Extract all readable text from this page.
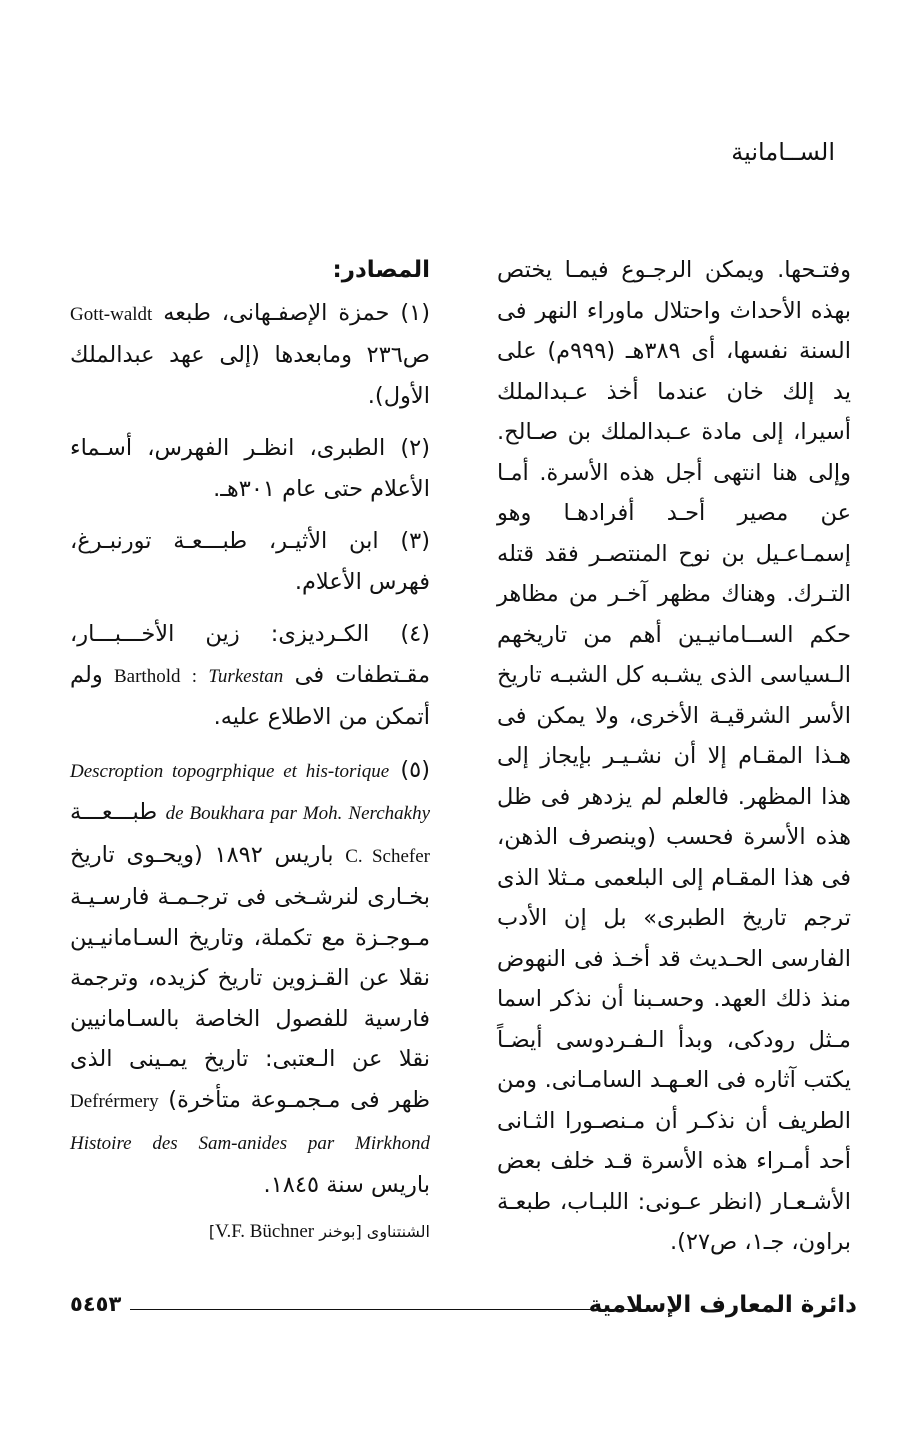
الســامانية

وفتـحها. ويمكن الرجـوع فيمـا يختص بهذه الأحداث واحتلال ماوراء النهر فى السنة نفسها، أى ٣٨٩هـ (٩٩٩م) على يد إلك خان عندما أخذ عـبدالملك أسيرا، إلى مادة عـبدالملك بن صـالح. وإلى هنا انتهى أجل هذه الأسرة. أمـا عن مصير أحـد أفرادهـا وهو إسمـاعـيل بن نوح المنتصـر فقد قتله التـرك. وهناك مظهر آخـر من مظاهر حكم الســامانيـين أهم من تاريخهم الـسياسى الذى يشـبه كل الشبـه تاريخ الأسر الشرقيـة الأخرى، ولا يمكن فى هـذا المقـام إلا أن نشـيـر بإيجاز إلى هذا المظهر. فالعلم لم يزدهر فى ظل هذه الأسرة فحسب (وينصرف الذهن، فى هذا المقـام إلى البلعمى مـثلا الذى ترجم تاريخ الطبرى» بل إن الأدب الفارسى الحـديث قد أخـذ فى النهوض منذ ذلك العهد. وحسـبنا أن نذكر اسما مـثل رودكى، وبدأ الـفـردوسى أيضـاً يكتب آثاره فى العـهـد السامـانى. ومن الطريف أن نذكـر أن مـنصـورا الثـانى أحد أمـراء هذه الأسرة قـد خلف بعض الأشـعـار (انظر عـونى: اللبـاب، طبعـة براون، جـ١، ص٢٧).

المصادر:

(١) حمزة الإصفـهانى، طبعه Gott-waldt ص٢٣٦ ومابعدها (إلى عهد عبدالملك الأول).

(٢) الطبرى، انظـر الفهرس، أسـماء الأعلام حتى عام ٣٠١هـ.

(٣) ابن الأثيـر، طبـــعـة تورنبـرغ، فهرس الأعلام.

(٤) الكـرديزى: زين الأخـــبـــار، مقـتطفات فى Barthold : Turkestan ولم أتمكن من الاطلاع عليه.

(٥) Descroption topogrphique et his-torique de Boukhara par Moh. Nerchakhy طبـــعـــة C. Schefer باريس ١٨٩٢ (ويحـوى تاريخ بخـارى لنرشـخى فى ترجـمـة فارسـيـة مـوجـزة مع تكملة، وتاريخ السـامانيـين نقلا عن القـزوين تاريخ كزيده، وترجمة فارسية للفصول الخاصة بالسـامانيين نقلا عن الـعتبى: تاريخ يمـينى الذى ظهر فى مـجمـوعة متأخرة) Defrérmery Histoire des Sam-anides par Mirkhond باريس سنة ١٨٤٥.

الشنتناوى [بوخنر V.F. Büchner]

٥٤٥٣	دائرة المعارف الإسلامية
